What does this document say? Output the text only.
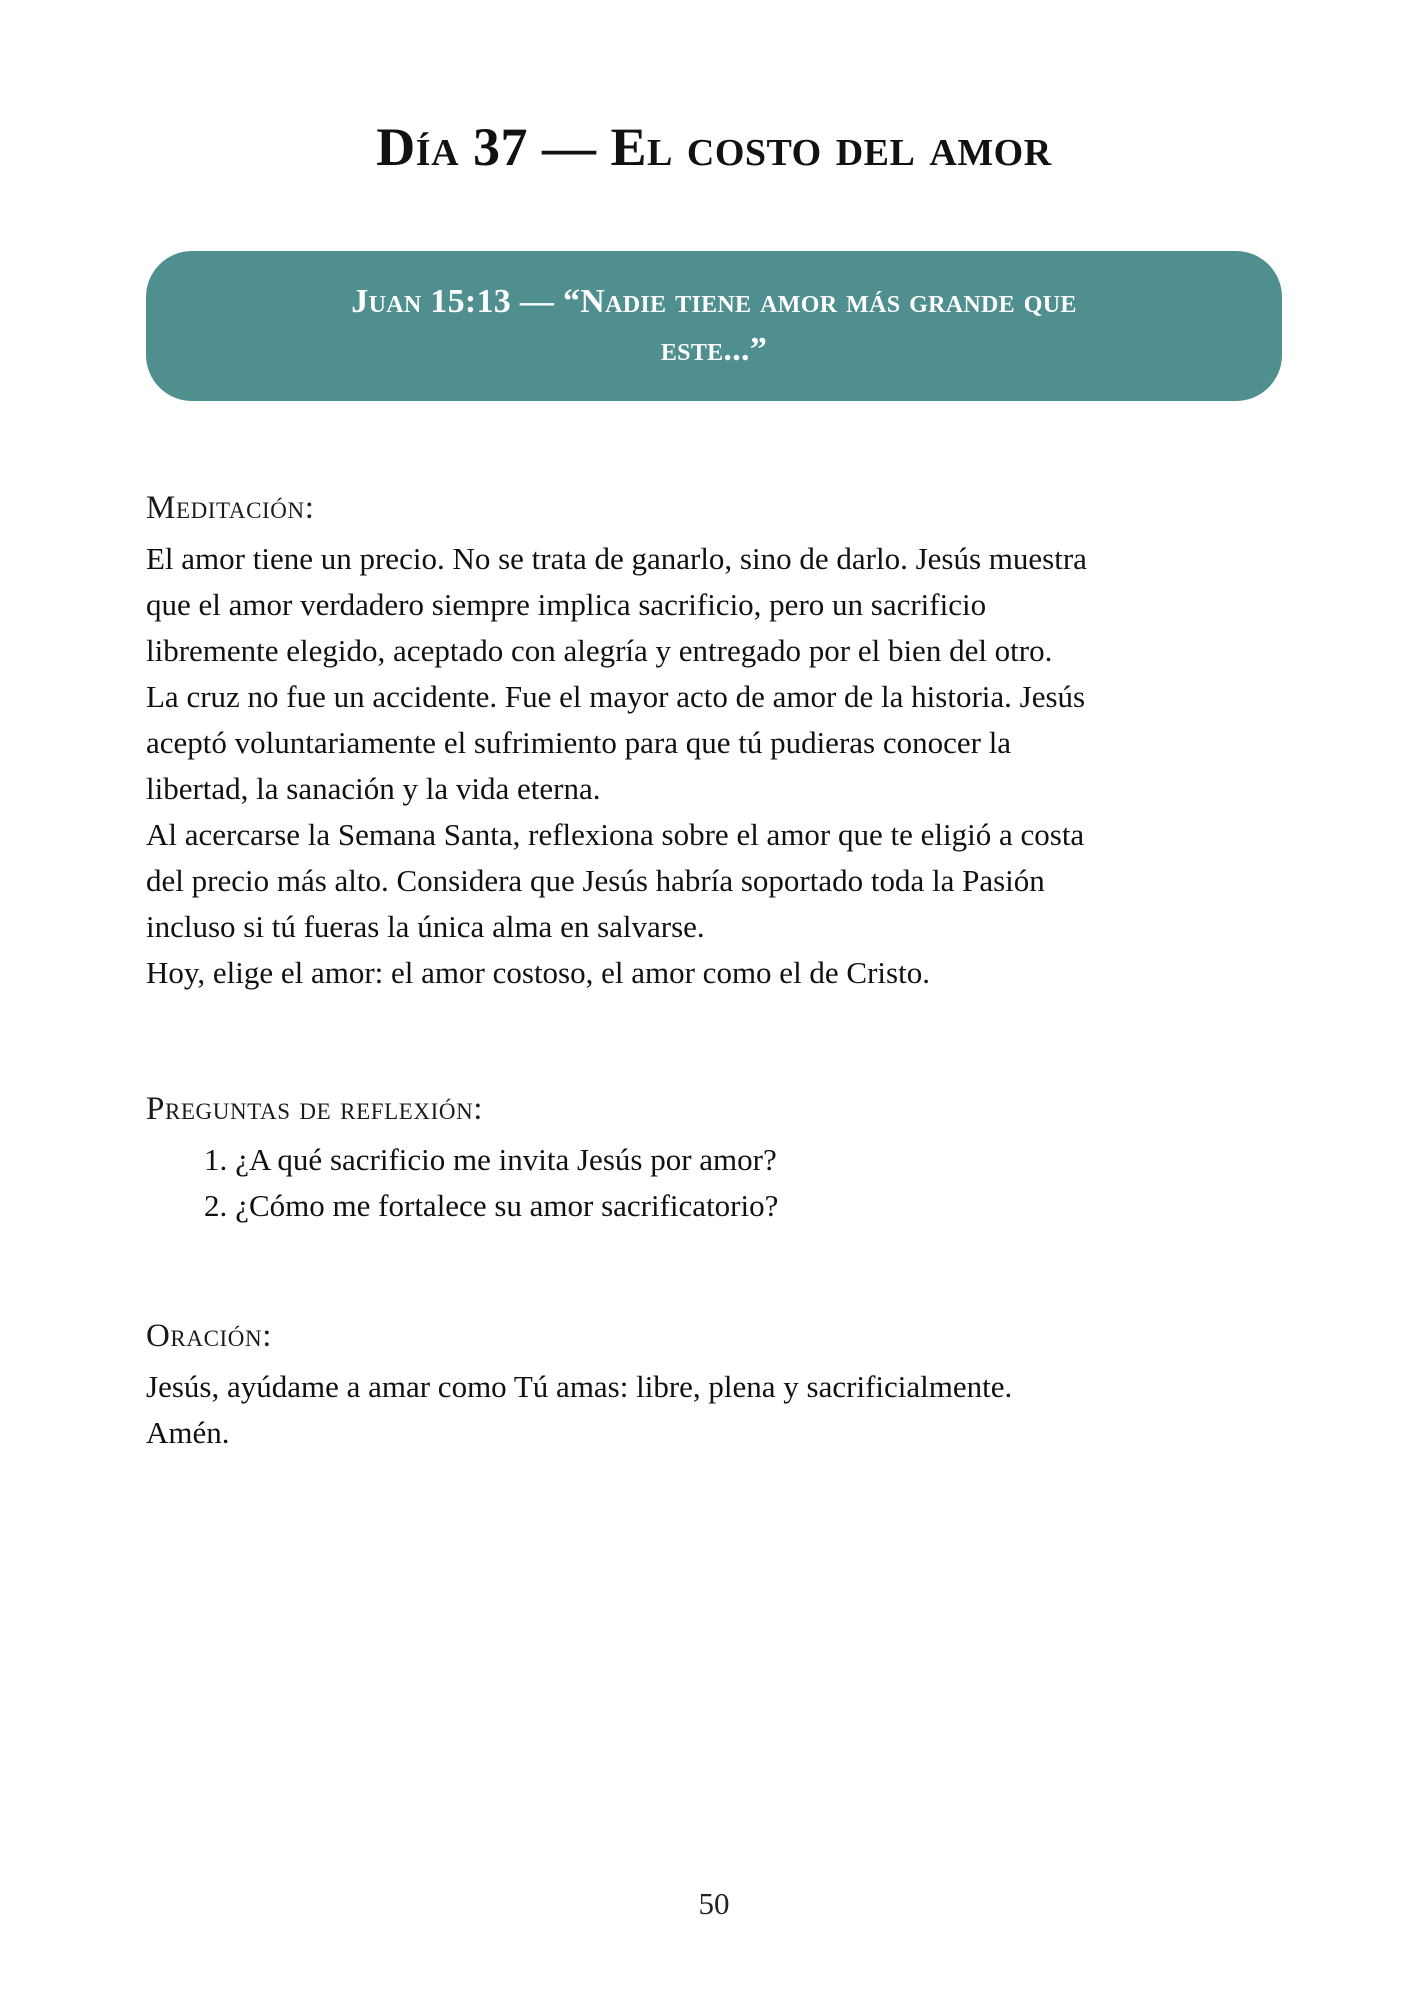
Día 37 — El costo del amor

Juan 15:13 — “Nadie tiene amor más grande que este...”

Meditación:

El amor tiene un precio. No se trata de ganarlo, sino de darlo. Jesús muestra

que el amor verdadero siempre implica sacrificio, pero un sacrificio

libremente elegido, aceptado con alegría y entregado por el bien del otro.

La cruz no fue un accidente. Fue el mayor acto de amor de la historia. Jesús

aceptó voluntariamente el sufrimiento para que tú pudieras conocer la

libertad, la sanación y la vida eterna.

Al acercarse la Semana Santa, reflexiona sobre el amor que te eligió a costa

del precio más alto. Considera que Jesús habría soportado toda la Pasión

incluso si tú fueras la única alma en salvarse.

Hoy, elige el amor: el amor costoso, el amor como el de Cristo.

Preguntas de reflexión:
1. ¿A qué sacrificio me invita Jesús por amor?
2. ¿Cómo me fortalece su amor sacrificatorio?
Oración:

Jesús, ayúdame a amar como Tú amas: libre, plena y sacrificialmente.

Amén.

50
